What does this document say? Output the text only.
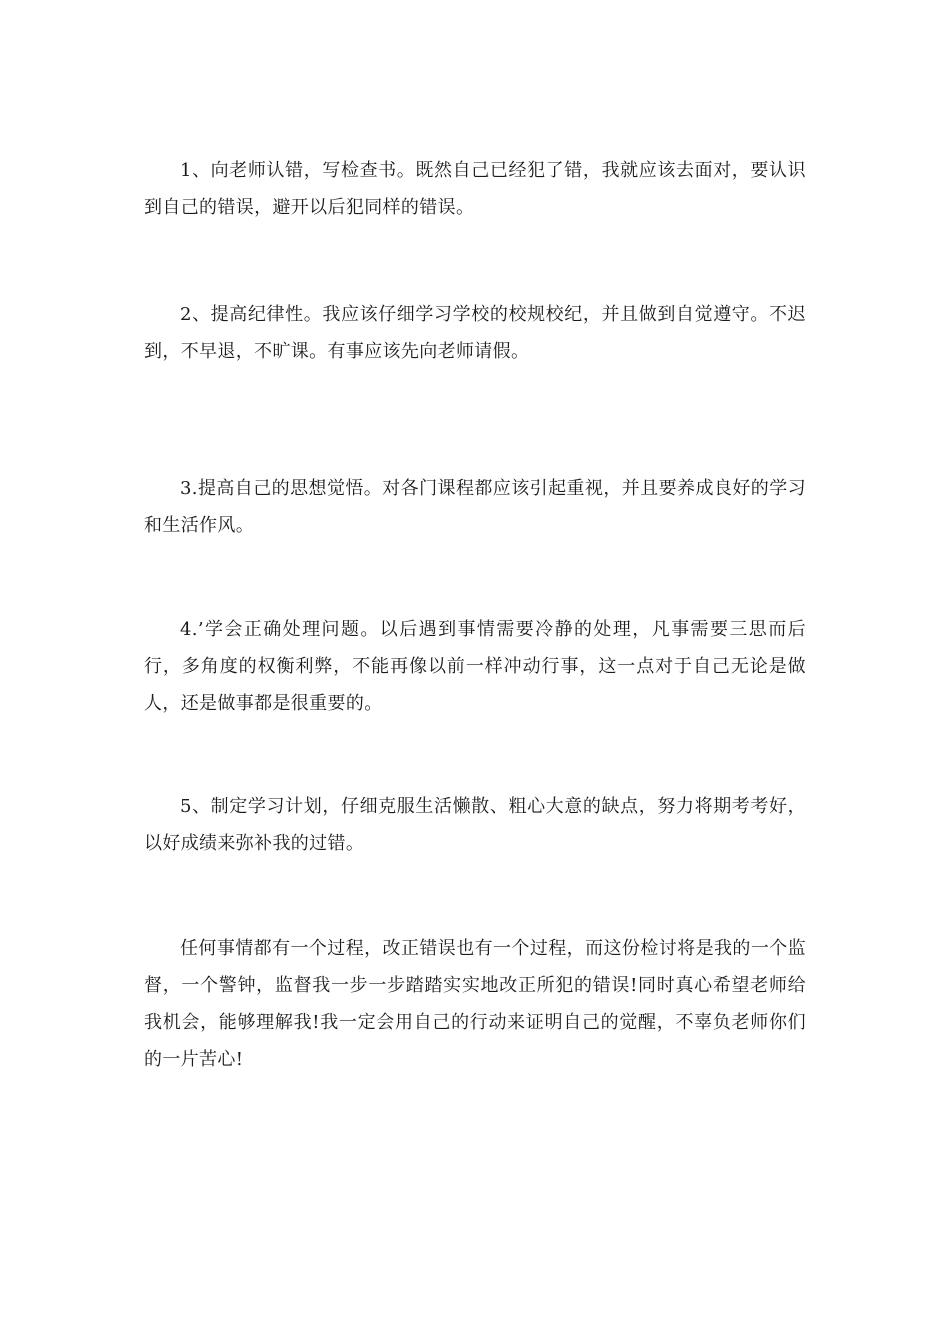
1、向老师认错，写检查书。既然自己已经犯了错，我就应该去面对，要认识到自己的错误，避开以后犯同样的错误。

2、提高纪律性。我应该仔细学习学校的校规校纪，并且做到自觉遵守。不迟到，不早退，不旷课。有事应该先向老师请假。

3.提高自己的思想觉悟。对各门课程都应该引起重视，并且要养成良好的学习和生活作风。

4.’学会正确处理问题。以后遇到事情需要冷静的处理，凡事需要三思而后行，多角度的权衡利弊，不能再像以前一样冲动行事，这一点对于自己无论是做人，还是做事都是很重要的。

5、制定学习计划，仔细克服生活懒散、粗心大意的缺点，努力将期考考好，以好成绩来弥补我的过错。

任何事情都有一个过程，改正错误也有一个过程，而这份检讨将是我的一个监督，一个警钟，监督我一步一步踏踏实实地改正所犯的错误!同时真心希望老师给我机会，能够理解我!我一定会用自己的行动来证明自己的觉醒，不辜负老师你们的一片苦心!
